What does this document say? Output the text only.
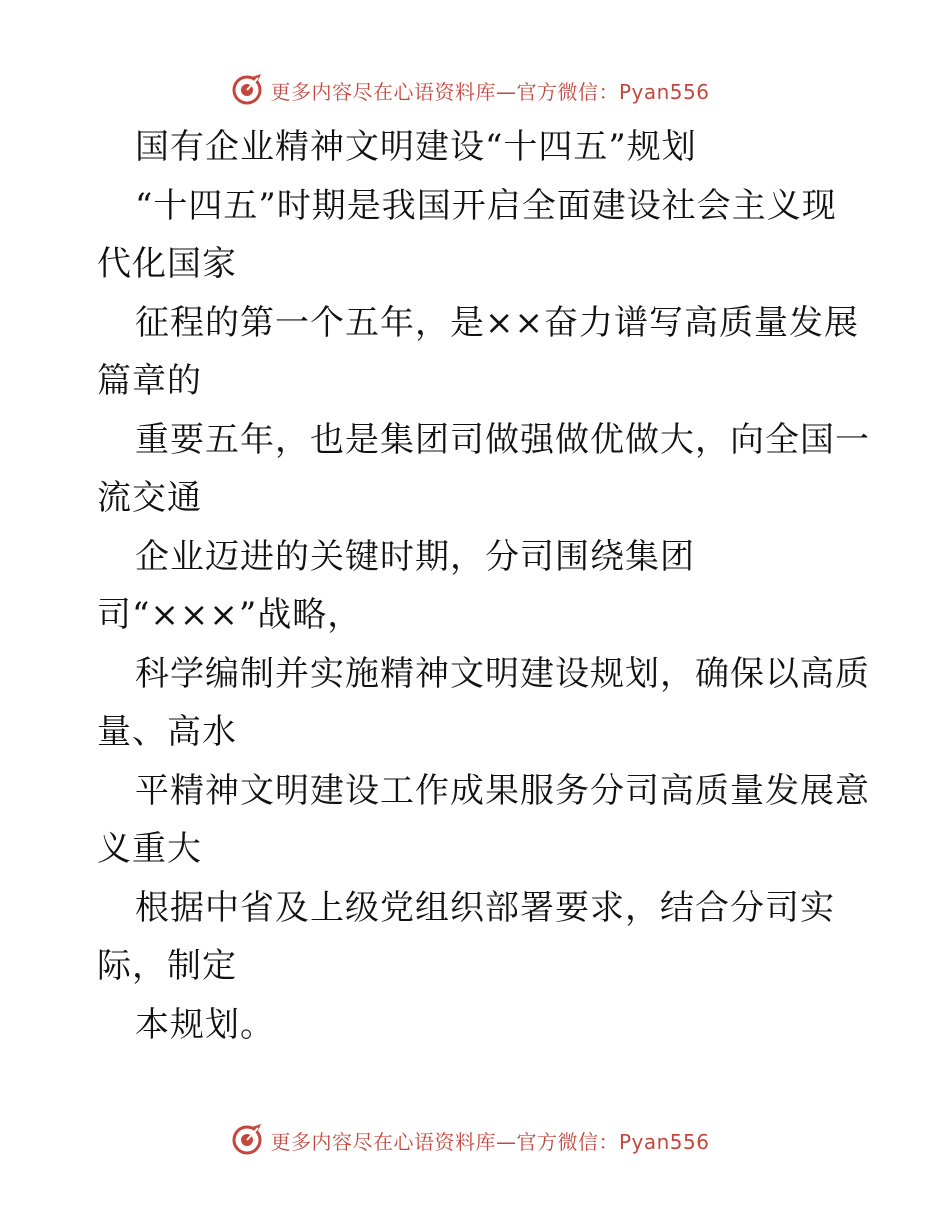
更多内容尽在心语资料库—官方微信：Pyan556
国有企业精神文明建设“十四五”规划
“十四五”时期是我国开启全面建设社会主义现
代化国家
征程的第一个五年，是××奋力谱写高质量发展
篇章的
重要五年，也是集团司做强做优做大，向全国一
流交通
企业迈进的关键时期，分司围绕集团
司“×××”战略，
科学编制并实施精神文明建设规划，确保以高质
量、高水
平精神文明建设工作成果服务分司高质量发展意
义重大
根据中省及上级党组织部署要求，结合分司实
际，制定
本规划。
更多内容尽在心语资料库—官方微信：Pyan556
